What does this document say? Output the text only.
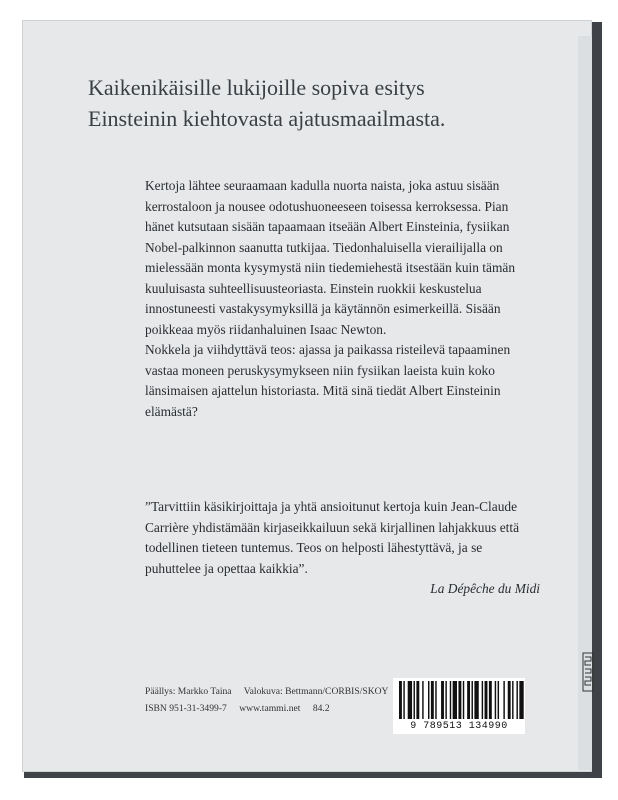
Kaikenikäisille lukijoille sopiva esitys
Einsteinin kiehtovasta ajatusmaailmasta.

Kertoja lähtee seuraamaan kadulla nuorta naista, joka astuu sisään kerrostaloon ja nousee odotushuoneeseen toisessa kerroksessa. Pian hänet kutsutaan sisään tapaamaan itseään Albert Einsteinia, fysiikan Nobel-palkinnon saanutta tutkijaa. Tiedonhaluisella vierailijalla on mielessään monta kysymystä niin tiedemiehestä itsestään kuin tämän kuuluisasta suhteellisuusteoriasta. Einstein ruokkii keskustelua innostuneesti vastakysymyksillä ja käytännön esimerkeillä. Sisään poikkeaa myös riidanhaluinen Isaac Newton.

Nokkela ja viihdyttävä teos: ajassa ja paikassa risteilevä tapaaminen vastaa moneen peruskysymykseen niin fysiikan laeista kuin koko länsimaisen ajattelun historiasta. Mitä sinä tiedät Albert Einsteinin elämästä?

”Tarvittiin käsikirjoittaja ja yhtä ansioitunut kertoja kuin Jean-Claude Carrière yhdistämään kirjaseikkailuun sekä kirjallinen lahjakkuus että todellinen tieteen tuntemus. Teos on helposti lähestyttävä, ja se puhuttelee ja opettaa kaikkia”.

La Dépêche du Midi

Päällys: Markko Taina Valokuva: Bettmann/CORBIS/SKOY
ISBN 951-31-3499-7 www.tammi.net 84.2
9 789513 134990
